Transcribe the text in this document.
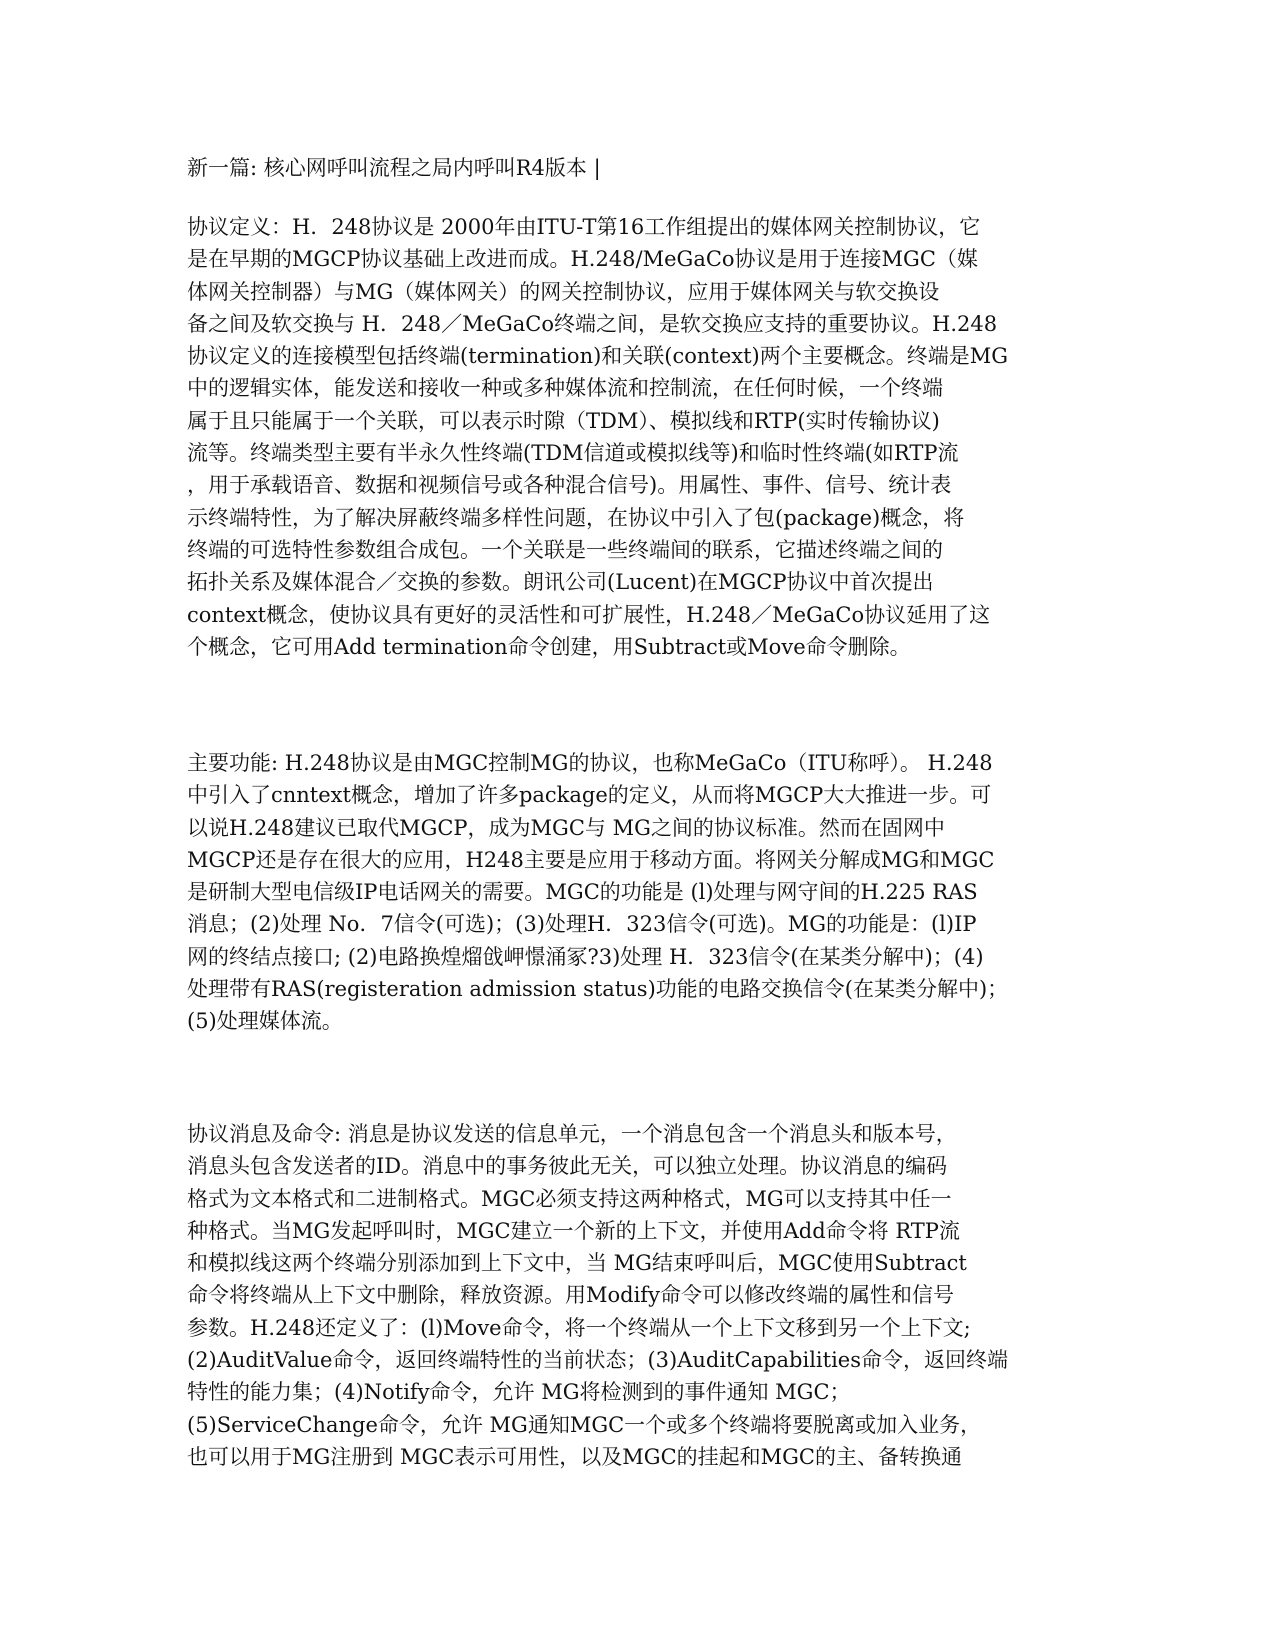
新一篇: 核心网呼叫流程之局内呼叫R4版本 |
协议定义：H．248协议是 2000年由ITU-T第16工作组提出的媒体网关控制协议，它
是在早期的MGCP协议基础上改进而成。H.248/MeGaCo协议是用于连接MGC（媒
体网关控制器）与MG（媒体网关）的网关控制协议，应用于媒体网关与软交换设
备之间及软交换与 H．248／MeGaCo终端之间，是软交换应支持的重要协议。H.248
协议定义的连接模型包括终端(termination)和关联(context)两个主要概念。终端是MG
中的逻辑实体，能发送和接收一种或多种媒体流和控制流，在任何时候，一个终端
属于且只能属于一个关联，可以表示时隙（TDM）、模拟线和RTP(实时传输协议)
流等。终端类型主要有半永久性终端(TDM信道或模拟线等)和临时性终端(如RTP流
，用于承载语音、数据和视频信号或各种混合信号)。用属性、事件、信号、统计表
示终端特性，为了解决屏蔽终端多样性问题，在协议中引入了包(package)概念，将
终端的可选特性参数组合成包。一个关联是一些终端间的联系，它描述终端之间的
拓扑关系及媒体混合／交换的参数。朗讯公司(Lucent)在MGCP协议中首次提出
context概念，使协议具有更好的灵活性和可扩展性，H.248／MeGaCo协议延用了这
个概念，它可用Add termination命令创建，用Subtract或Move命令删除。
主要功能: H.248协议是由MGC控制MG的协议，也称MeGaCo（ITU称呼）。 H.248
中引入了cnntext概念，增加了许多package的定义，从而将MGCP大大推进一步。可
以说H.248建议已取代MGCP，成为MGC与 MG之间的协议标准。然而在固网中
MGCP还是存在很大的应用，H248主要是应用于移动方面。将网关分解成MG和MGC
是研制大型电信级IP电话网关的需要。MGC的功能是 (l)处理与网守间的H.225 RAS
消息；(2)处理 No．7信令(可选)；(3)处理H．323信令(可选)。MG的功能是：(l)IP
网的终结点接口; (2)电路换煌熘戗岬憬涌冢?3)处理 H．323信令(在某类分解中)；(4)
处理带有RAS(registeration admission status)功能的电路交换信令(在某类分解中)；
(5)处理媒体流。
协议消息及命令: 消息是协议发送的信息单元，一个消息包含一个消息头和版本号，
消息头包含发送者的ID。消息中的事务彼此无关，可以独立处理。协议消息的编码
格式为文本格式和二进制格式。MGC必须支持这两种格式，MG可以支持其中任一
种格式。当MG发起呼叫时，MGC建立一个新的上下文，并使用Add命令将 RTP流
和模拟线这两个终端分别添加到上下文中，当 MG结束呼叫后，MGC使用Subtract
命令将终端从上下文中删除，释放资源。用Modify命令可以修改终端的属性和信号
参数。H.248还定义了：(l)Move命令，将一个终端从一个上下文移到另一个上下文;
(2)AuditValue命令，返回终端特性的当前状态；(3)AuditCapabilities命令，返回终端
特性的能力集；(4)Notify命令，允许 MG将检测到的事件通知 MGC；
(5)ServiceChange命令，允许 MG通知MGC一个或多个终端将要脱离或加入业务，
也可以用于MG注册到 MGC表示可用性，以及MGC的挂起和MGC的主、备转换通
